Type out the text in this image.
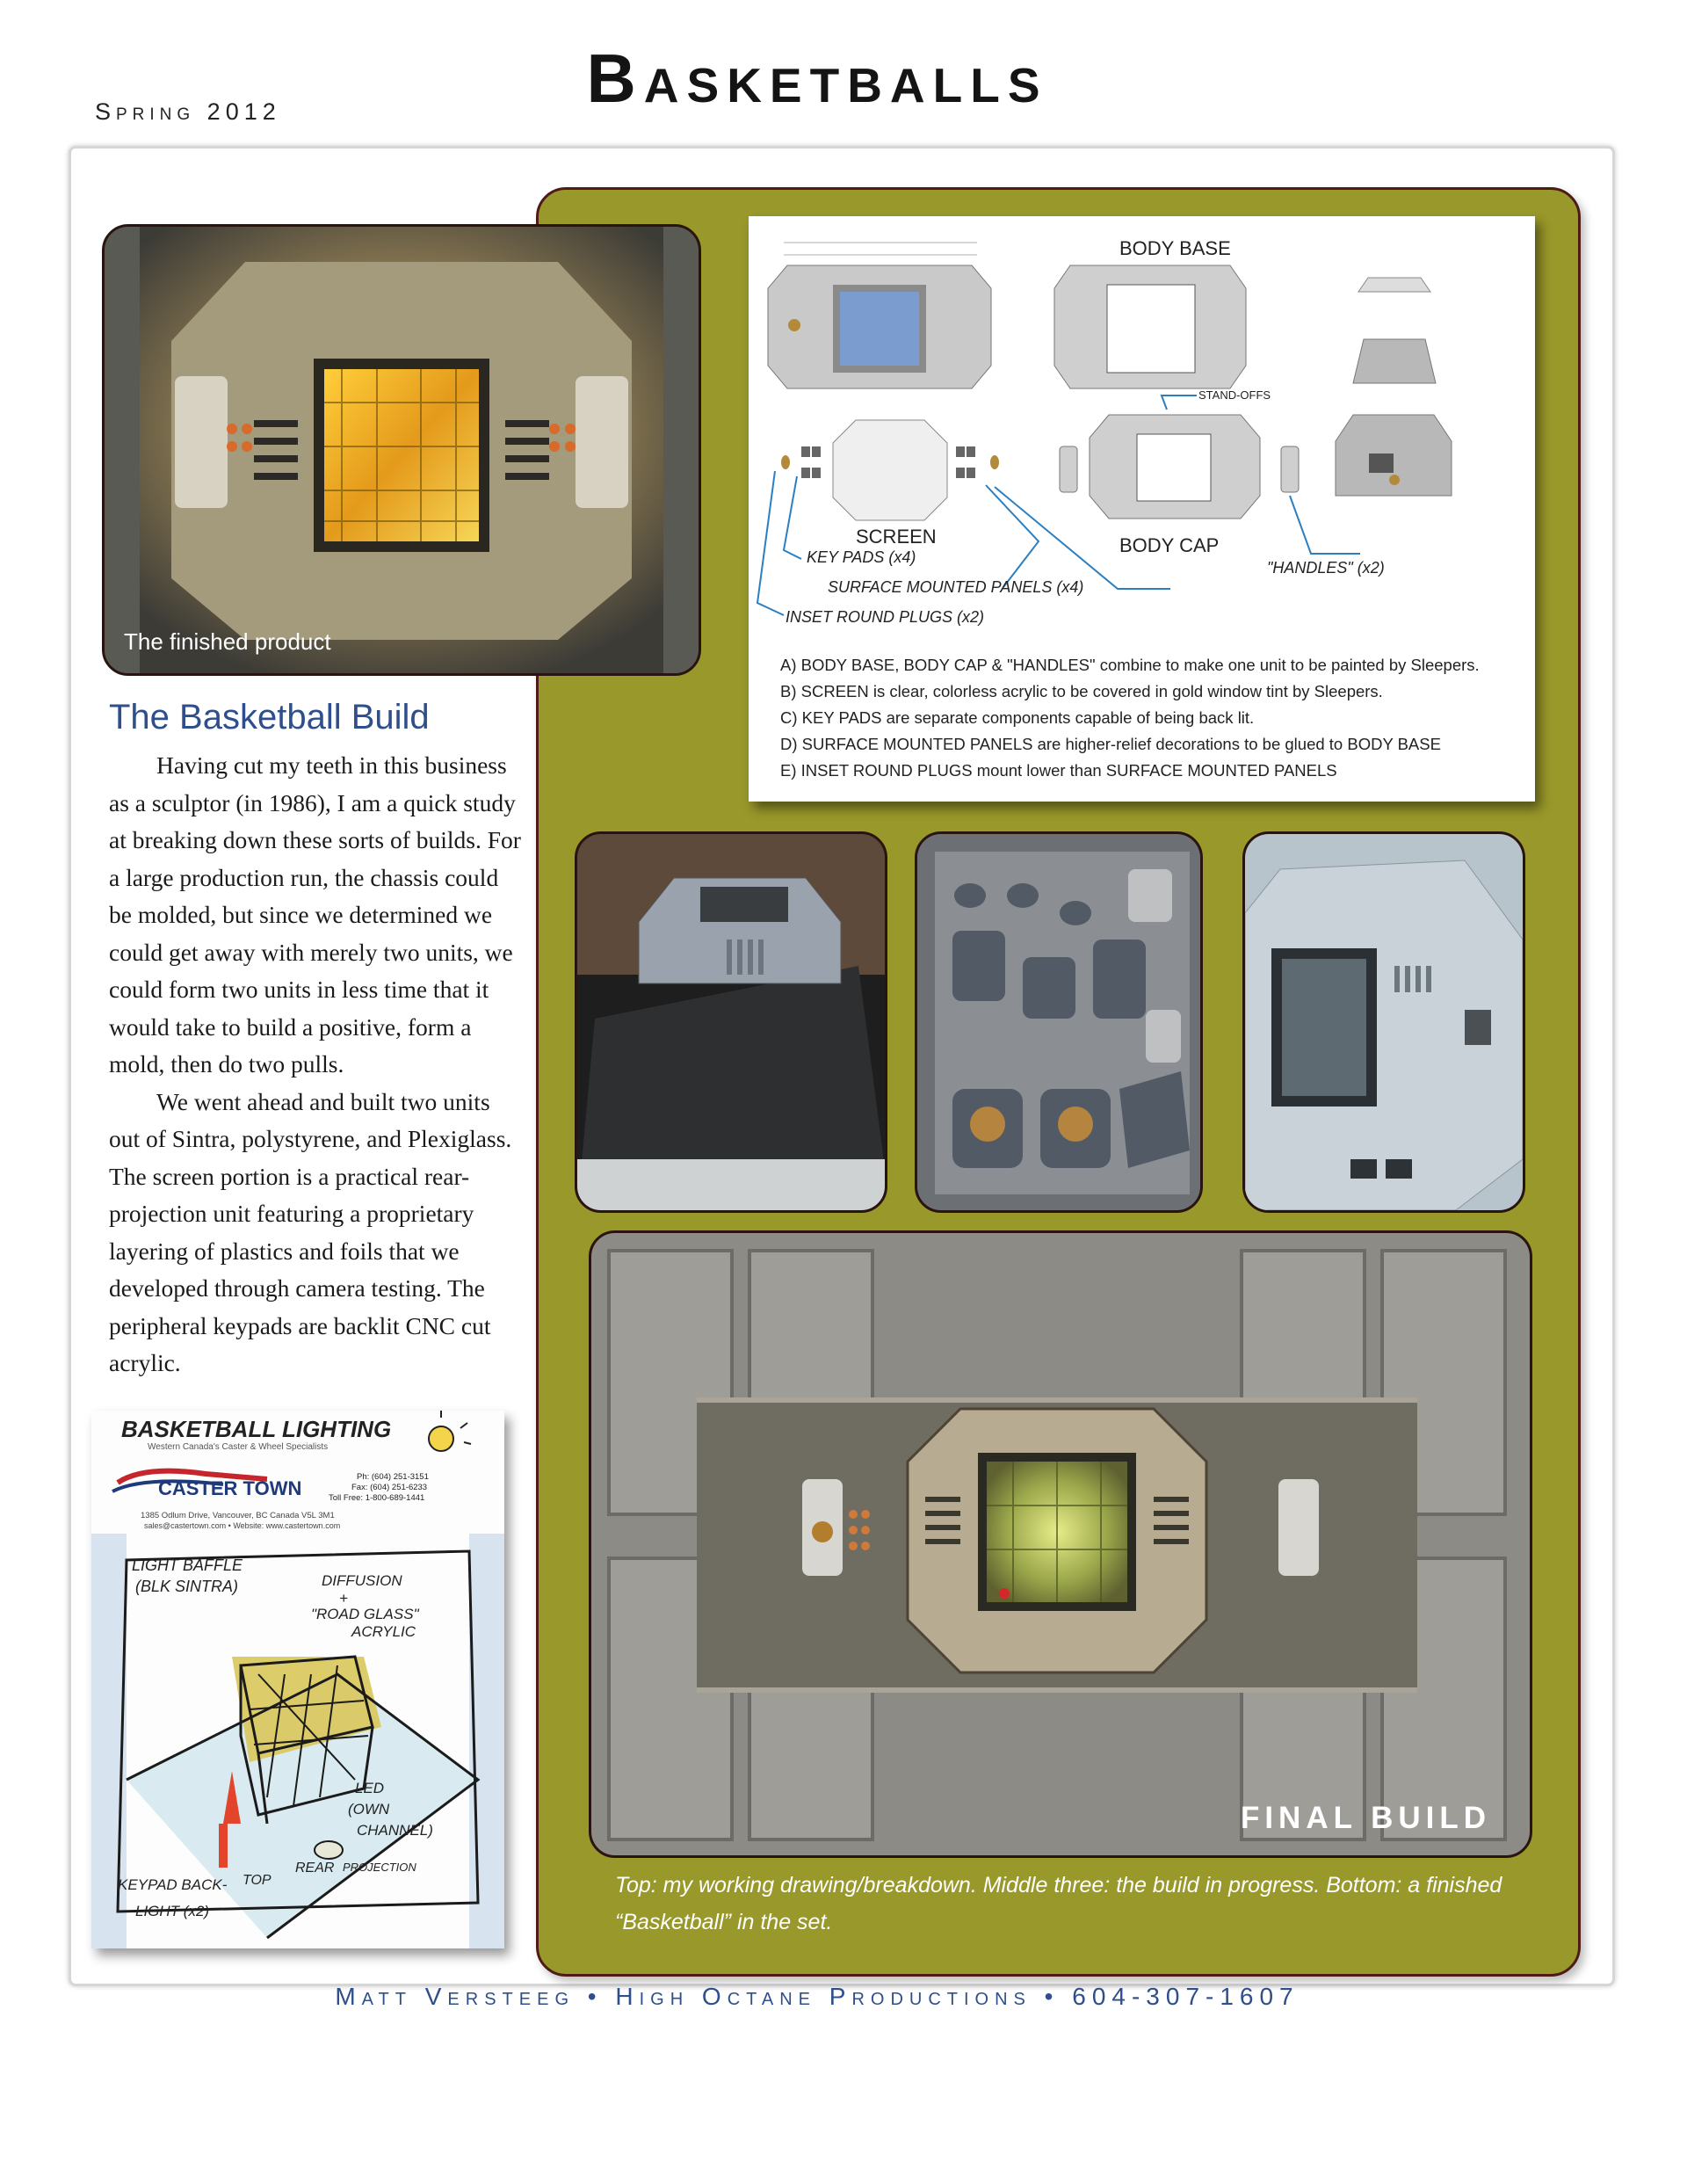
Basketballs
Spring 2012
The finished product
The Basketball Build

Having cut my teeth in this business as a sculptor (in 1986), I am a quick study at breaking down these sorts of builds. For a large production run, the chassis could be molded, but since we determined we could get away with merely two units, we could form two units in less time that it would take to build a positive, form a mold, then do two pulls.

We went ahead and built two units out of Sintra, polystyrene, and Plexiglass. The screen portion is a practical rear-projection unit featuring a proprietary layering of plastics and foils that we developed through camera testing. The peripheral keypads are backlit CNC cut acrylic.

BODY BASE
STAND-OFFS
SCREEN	BODY CAP
KEY PADS (x4)
"HANDLES" (x2)
SURFACE MOUNTED PANELS (x4)
INSET ROUND PLUGS (x2)
A) BODY BASE, BODY CAP & "HANDLES" combine to make one unit to be painted by Sleepers.
B) SCREEN is clear, colorless acrylic to be covered in gold window tint by Sleepers.
C) KEY PADS are separate components capable of being back lit.
D) SURFACE MOUNTED PANELS are higher-relief decorations to be glued to BODY BASE
E) INSET ROUND PLUGS mount lower than SURFACE MOUNTED PANELS
FINAL BUILD
Top: my working drawing/breakdown. Middle three: the build in progress. Bottom: a finished “Basketball” in the set.
BASKETBALL LIGHTING
Western Canada's Caster & Wheel Specialists
CASTER TOWN
Ph: (604) 251-3151
Fax: (604) 251-6233
Toll Free: 1-800-689-1441
1385 Odlum Drive, Vancouver, BC Canada V5L 3M1
sales@castertown.com • Website: www.castertown.com
LIGHT BAFFLE
(BLK SINTRA)	DIFFUSION
+
"ROAD GLASS"
ACRYLIC
LED
(OWN
CHANNEL)
KEYPAD BACK-
LIGHT (x2)
TOP
REAR PROJECTION
Matt Versteeg • High Octane Productions • 604-307-1607
